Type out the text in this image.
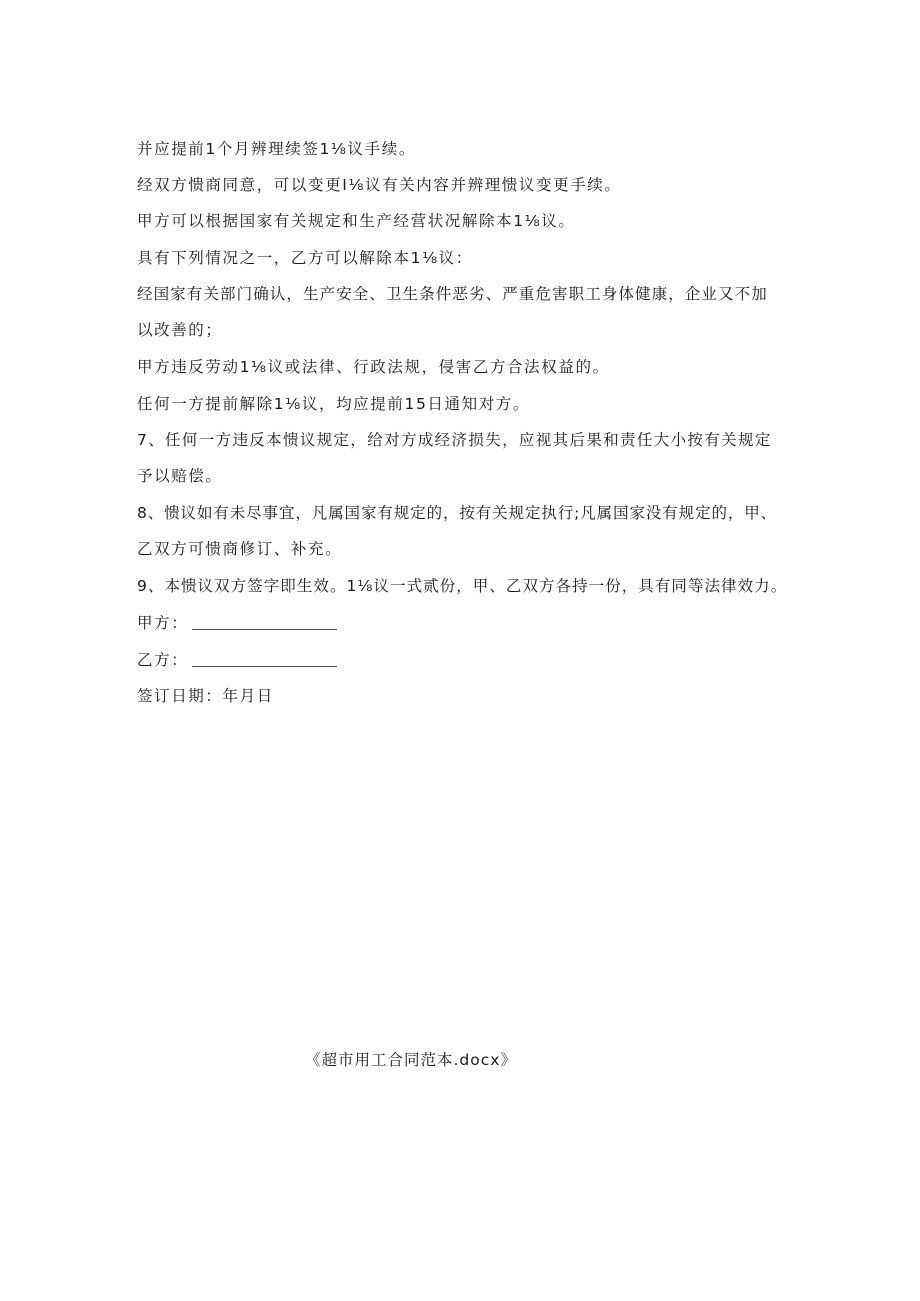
并应提前1个月辨理续签1⅛议手续。
经双方愦商同意，可以变更I⅛议有关内容并辨理愦议变更手续。
甲方可以根据国家有关规定和生产经营状况解除本1⅛议。
具有下列情况之一，乙方可以解除本1⅛议：
经国家有关部门确认，生产安全、卫生条件恶劣、严重危害职工身体健康，企业又不加
以改善的；
甲方违反劳动1⅛议或法律、行政法规，侵害乙方合法权益的。
任何一方提前解除1⅛议，均应提前15日通知对方。
7、任何一方违反本愦议规定，给对方成经济损失，应视其后果和责任大小按有关规定
予以赔偿。
8、愦议如有未尽事宜，凡属国家有规定的，按有关规定执行;凡属国家没有规定的，甲、
乙双方可愦商修订、补充。
9、本愦议双方签字即生效。1⅛议一式贰份，甲、乙双方各持一份，具有同等法律效力。
甲方：
乙方：
签订日期：年月日
《超市用工合同范本.docx》
